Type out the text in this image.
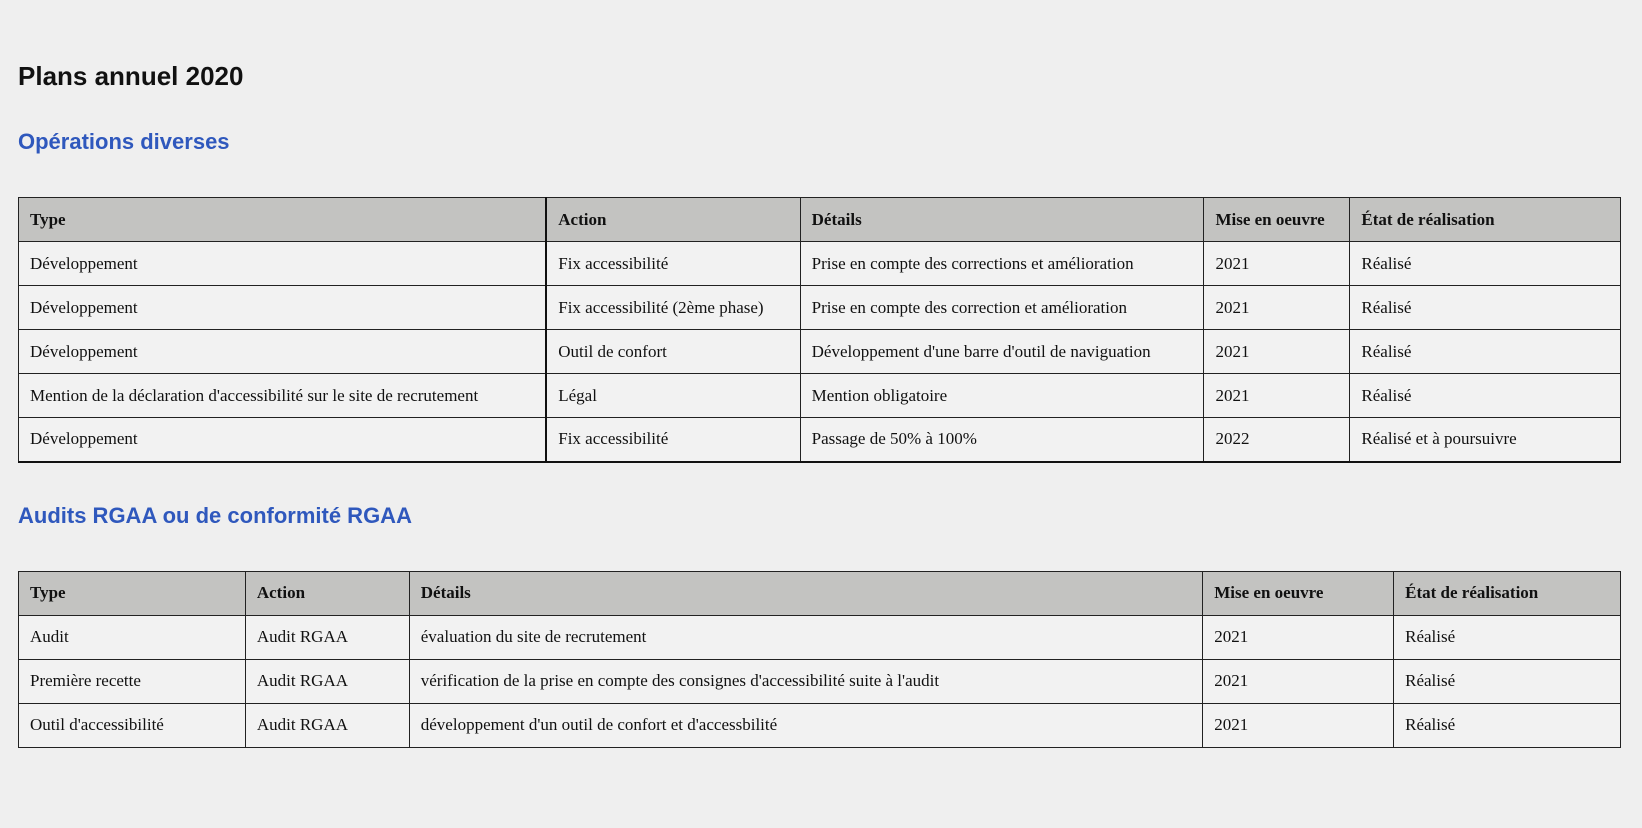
Plans annuel 2020
Opérations diverses
Type	Action	Détails	Mise en oeuvre	État de réalisation
Développement	Fix accessibilité	Prise en compte des corrections et amélioration	2021	Réalisé
Développement	Fix accessibilité (2ème phase)	Prise en compte des correction et amélioration	2021	Réalisé
Développement	Outil de confort	Développement d'une barre d'outil de naviguation	2021	Réalisé
Mention de la déclaration d'accessibilité sur le site de recrutement	Légal	Mention obligatoire	2021	Réalisé
Développement	Fix accessibilité	Passage de 50% à 100%	2022	Réalisé et à poursuivre
Audits RGAA ou de conformité RGAA
Type	Action	Détails	Mise en oeuvre	État de réalisation
Audit	Audit RGAA	évaluation du site de recrutement	2021	Réalisé
Première recette	Audit RGAA	vérification de la prise en compte des consignes d'accessibilité suite à l'audit	2021	Réalisé
Outil d'accessibilité	Audit RGAA	développement d'un outil de confort et d'accessbilité	2021	Réalisé
